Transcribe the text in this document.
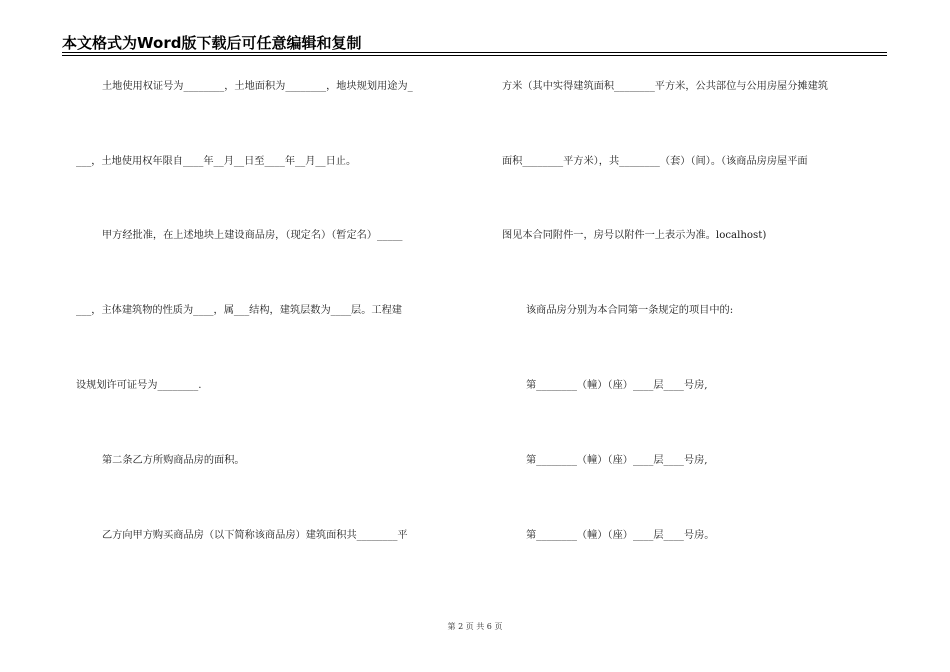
本文格式为Word版下载后可任意编辑和复制
土地使用权证号为________，土地面积为________，地块规划用途为_
___，土地使用权年限自____年__月__日至____年__月__日止。
甲方经批准，在上述地块上建设商品房，（现定名）（暂定名）_____
___，主体建筑物的性质为____，属___结构，建筑层数为____层。工程建
设规划许可证号为________.
第二条乙方所购商品房的面积。
乙方向甲方购买商品房（以下简称该商品房）建筑面积共________平
方米（其中实得建筑面积________平方米，公共部位与公用房屋分摊建筑
面积________平方米），共________（套）（间）。（该商品房房屋平面
图见本合同附件一，房号以附件一上表示为准。localhost)
该商品房分别为本合同第一条规定的项目中的:
第________（幢）（座）____层____号房,
第________（幢）（座）____层____号房,
第________（幢）（座）____层____号房。
第 2 页 共 6 页
